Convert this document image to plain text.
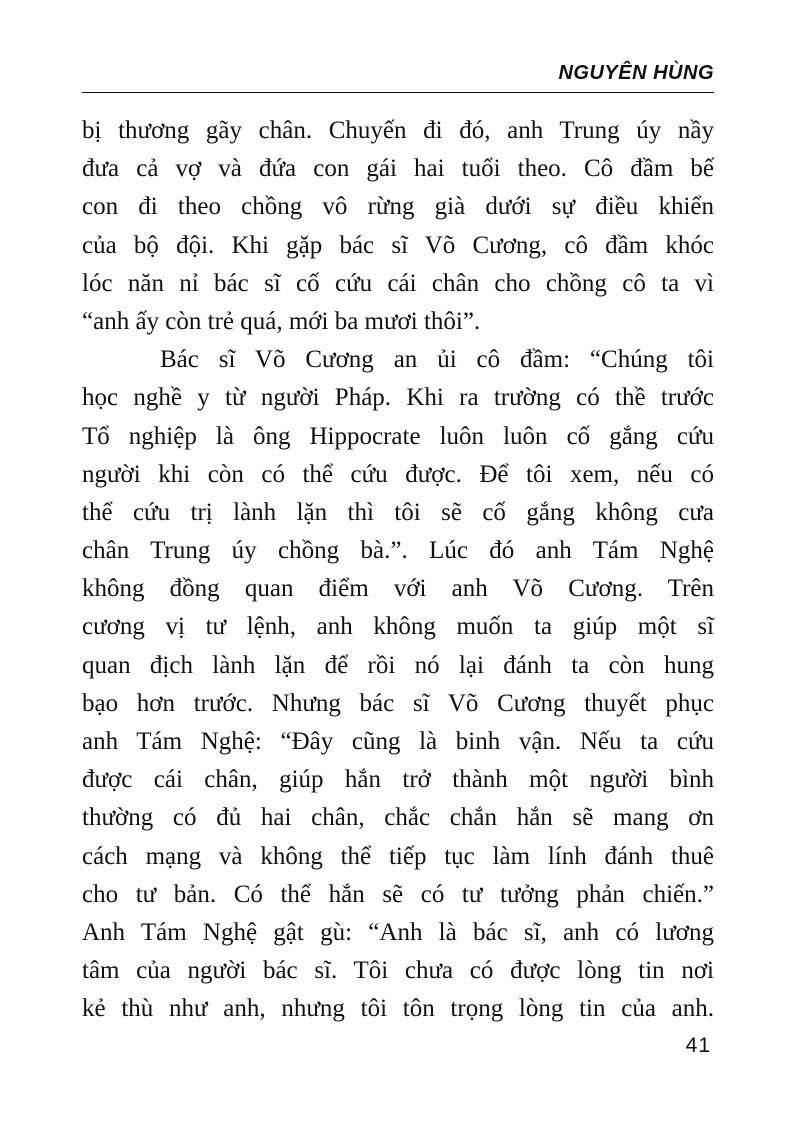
NGUYÊN HÙNG
bị thương gãy chân. Chuyến đi đó, anh Trung úy nầy
đưa cả vợ và đứa con gái hai tuổi theo. Cô đầm bế
con đi theo chồng vô rừng già dưới sự điều khiển
của bộ đội. Khi gặp bác sĩ Võ Cương, cô đầm khóc
lóc năn nỉ bác sĩ cố cứu cái chân cho chồng cô ta vì
“anh ấy còn trẻ quá, mới ba mươi thôi”.
Bác sĩ Võ Cương an ủi cô đầm: “Chúng tôi
học nghề y từ người Pháp. Khi ra trường có thề trước
Tổ nghiệp là ông Hippocrate luôn luôn cố gắng cứu
người khi còn có thể cứu được. Để tôi xem, nếu có
thể cứu trị lành lặn thì tôi sẽ cố gắng không cưa
chân Trung úy chồng bà.”. Lúc đó anh Tám Nghệ
không đồng quan điểm với anh Võ Cương. Trên
cương vị tư lệnh, anh không muốn ta giúp một sĩ
quan địch lành lặn để rồi nó lại đánh ta còn hung
bạo hơn trước. Nhưng bác sĩ Võ Cương thuyết phục
anh Tám Nghệ: “Đây cũng là binh vận. Nếu ta cứu
được cái chân, giúp hắn trở thành một người bình
thường có đủ hai chân, chắc chắn hắn sẽ mang ơn
cách mạng và không thể tiếp tục làm lính đánh thuê
cho tư bản. Có thể hắn sẽ có tư tưởng phản chiến.”
Anh Tám Nghệ gật gù: “Anh là bác sĩ, anh có lương
tâm của người bác sĩ. Tôi chưa có được lòng tin nơi
kẻ thù như anh, nhưng tôi tôn trọng lòng tin của anh.
41
